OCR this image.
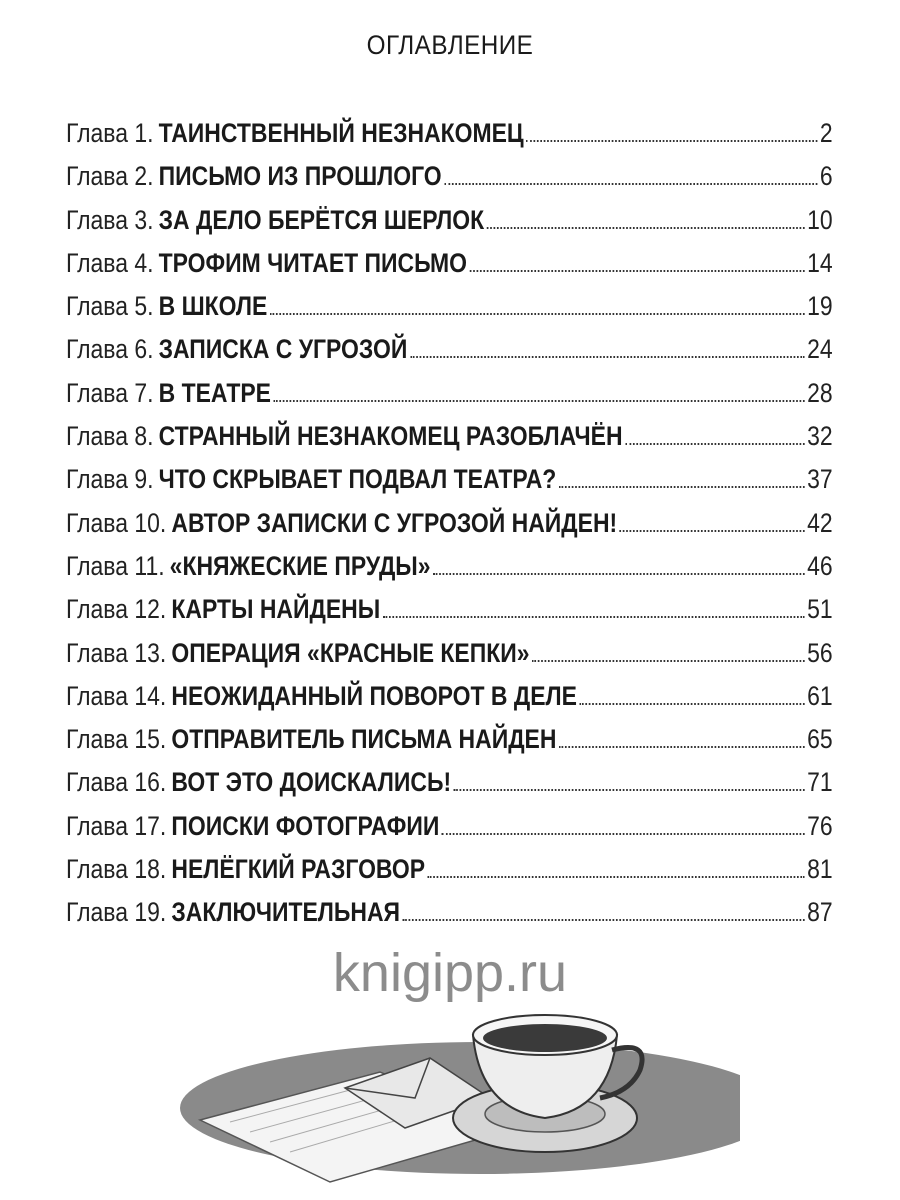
ОГЛАВЛЕНИЕ
Глава 1. ТАИНСТВЕННЫЙ НЕЗНАКОМЕЦ	2
Глава 2. ПИСЬМО ИЗ ПРОШЛОГО	6
Глава 3. ЗА ДЕЛО БЕРЁТСЯ ШЕРЛОК	10
Глава 4. ТРОФИМ ЧИТАЕТ ПИСЬМО	14
Глава 5. В ШКОЛЕ	19
Глава 6. ЗАПИСКА С УГРОЗОЙ	24
Глава 7. В ТЕАТРЕ	28
Глава 8. СТРАННЫЙ НЕЗНАКОМЕЦ РАЗОБЛАЧЁН	32
Глава 9. ЧТО СКРЫВАЕТ ПОДВАЛ ТЕАТРА?	37
Глава 10. АВТОР ЗАПИСКИ С УГРОЗОЙ НАЙДЕН!	42
Глава 11. «КНЯЖЕСКИЕ ПРУДЫ»	46
Глава 12. КАРТЫ НАЙДЕНЫ	51
Глава 13. ОПЕРАЦИЯ «КРАСНЫЕ КЕПКИ»	56
Глава 14. НЕОЖИДАННЫЙ ПОВОРОТ В ДЕЛЕ	61
Глава 15. ОТПРАВИТЕЛЬ ПИСЬМА НАЙДЕН	65
Глава 16. ВОТ ЭТО ДОИСКАЛИСЬ!	71
Глава 17. ПОИСКИ ФОТОГРАФИИ	76
Глава 18. НЕЛЁГКИЙ РАЗГОВОР	81
Глава 19. ЗАКЛЮЧИТЕЛЬНАЯ	87
knigipp.ru
